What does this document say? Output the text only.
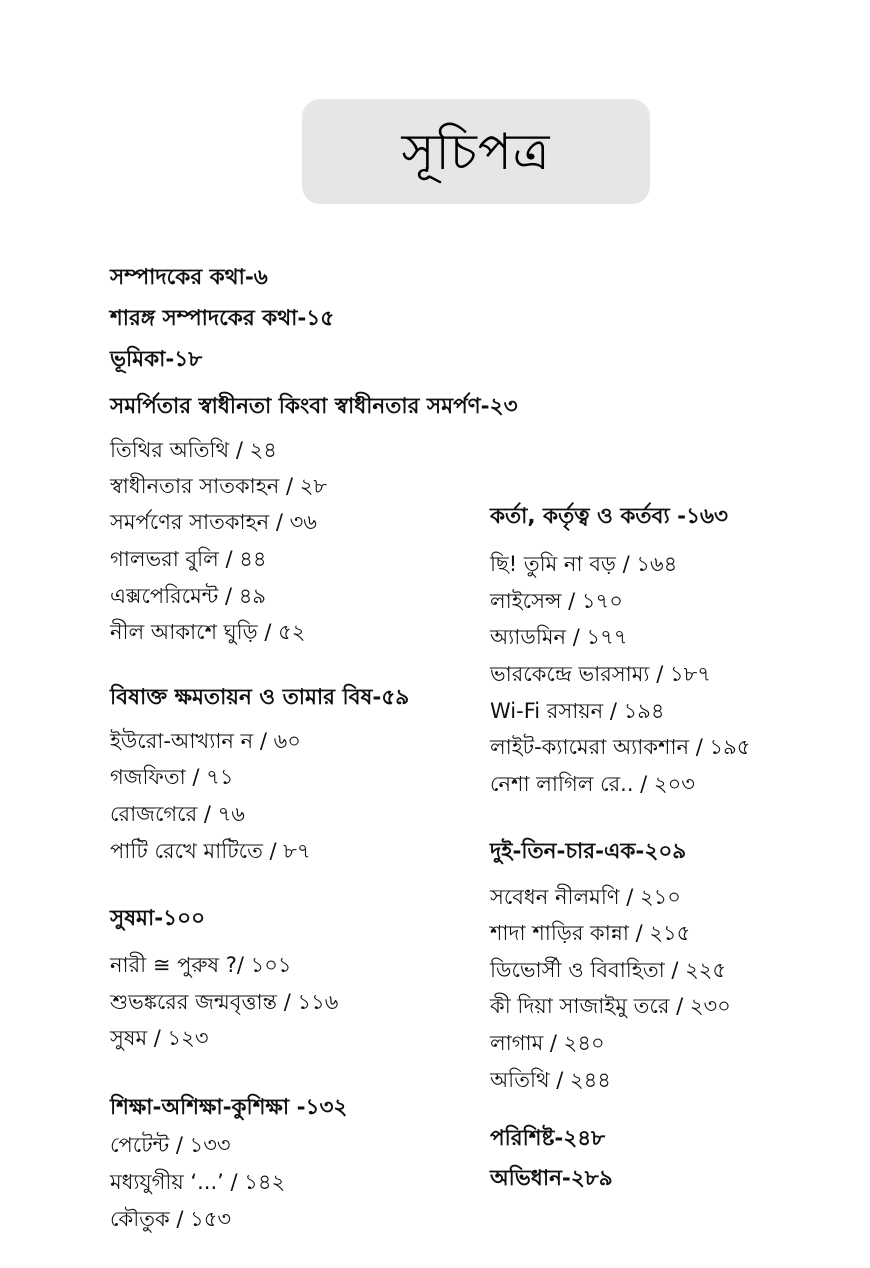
সূচিপত্র
সম্পাদকের কথা-৬
শারঙ্গ সম্পাদকের কথা-১৫
ভূমিকা-১৮
সমর্পিতার স্বাধীনতা কিংবা স্বাধীনতার সমর্পণ-২৩
তিথির অতিথি / ২৪
স্বাধীনতার সাতকাহন / ২৮
সমর্পণের সাতকাহন / ৩৬
গালভরা বুলি / ৪৪
এক্সপেরিমেন্ট / ৪৯
নীল আকাশে ঘুড়ি / ৫২
বিষাক্ত ক্ষমতায়ন ও তামার বিষ-৫৯
ইউরো-আখ্যান ন / ৬০
গজফিতা / ৭১
রোজগেরে / ৭৬
পাটি রেখে মাটিতে / ৮৭
সুষমা-১০০
নারী ≅ পুরুষ ?/ ১০১
শুভঙ্করের জন্মবৃত্তান্ত / ১১৬
সুষম / ১২৩
শিক্ষা-অশিক্ষা-কুশিক্ষা -১৩২
পেটেন্ট / ১৩৩
মধ্যযুগীয় ‘...’ / ১৪২
কৌতুক / ১৫৩
কর্তা, কর্তৃত্ব ও কর্তব্য -১৬৩
ছি! তুমি না বড় / ১৬৪
লাইসেন্স / ১৭০
অ্যাডমিন / ১৭৭
ভারকেন্দ্রে ভারসাম্য / ১৮৭
Wi-Fi রসায়ন / ১৯৪
লাইট-ক্যামেরা অ্যাকশান / ১৯৫
নেশা লাগিল রে.. / ২০৩
দুই-তিন-চার-এক-২০৯
সবেধন নীলমণি / ২১০
শাদা শাড়ির কান্না / ২১৫
ডিভোর্সী ও বিবাহিতা / ২২৫
কী দিয়া সাজাইমু তরে / ২৩০
লাগাম / ২৪০
অতিথি / ২৪৪
পরিশিষ্ট-২৪৮
অভিধান-২৮৯
